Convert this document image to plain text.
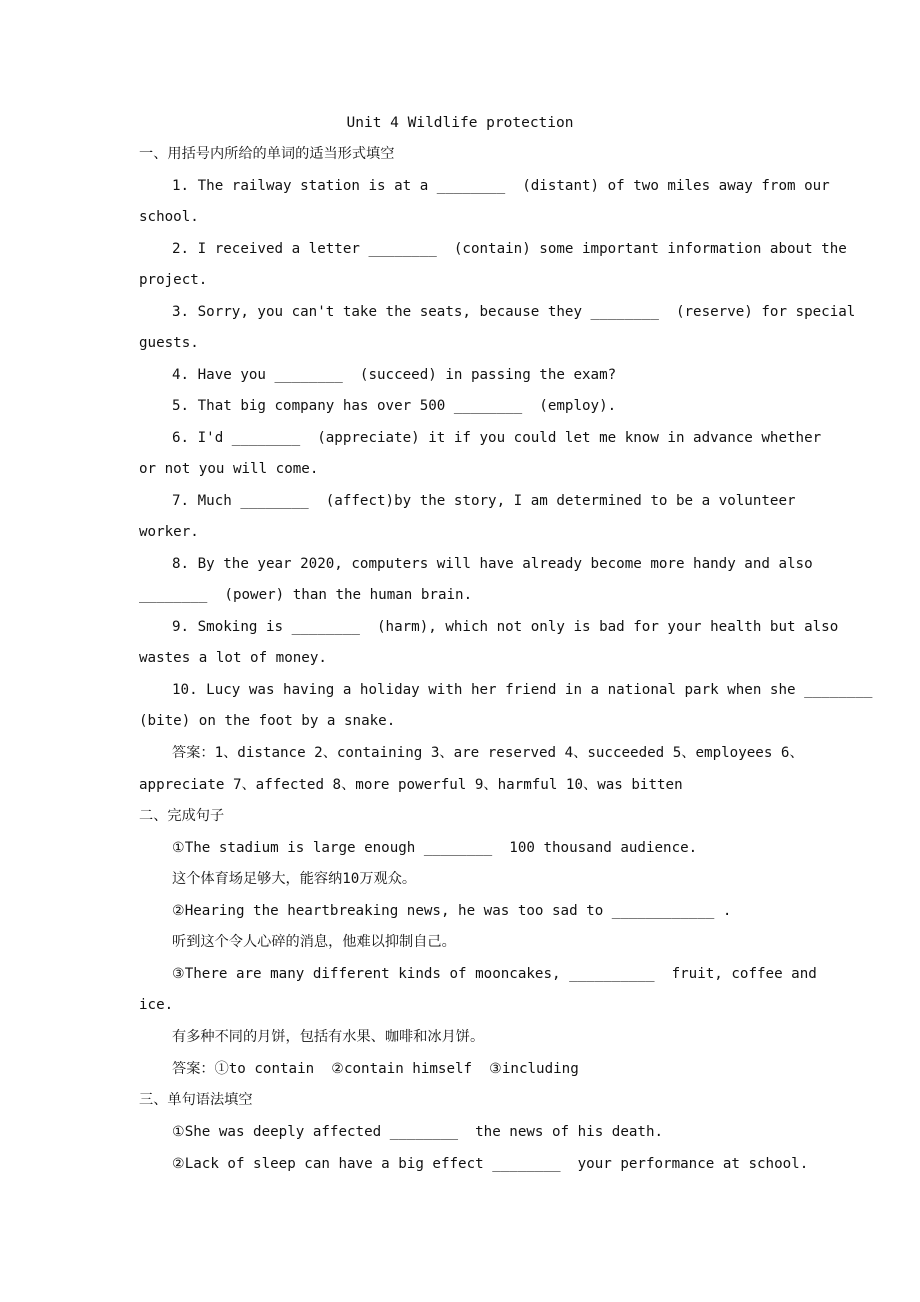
Unit 4 Wildlife protection
一、用括号内所给的单词的适当形式填空
1. The railway station is at a ________  (distant) of two miles away from our
school.
2. I received a letter ________  (contain) some important information about the
project.
3. Sorry, you can't take the seats, because they ________  (reserve) for special
guests.
4. Have you ________  (succeed) in passing the exam?
5. That big company has over 500 ________  (employ).
6. I'd ________  (appreciate) it if you could let me know in advance whether
or not you will come.
7. Much ________  (affect)by the story, I am determined to be a volunteer
worker.
8. By the year 2020, computers will have already become more handy and also
________  (power) than the human brain.
9. Smoking is ________  (harm), which not only is bad for your health but also
wastes a lot of money.
10. Lucy was having a holiday with her friend in a national park when she ________
(bite) on the foot by a snake.
答案：1、distance 2、containing 3、are reserved 4、succeeded 5、employees 6、
appreciate 7、affected 8、more powerful 9、harmful 10、was bitten
二、完成句子
①The stadium is large enough ________  100 thousand audience.
这个体育场足够大，能容纳10万观众。
②Hearing the heartbreaking news, he was too sad to ____________ .
听到这个令人心碎的消息，他难以抑制自己。
③There are many different kinds of mooncakes, __________  fruit, coffee and
ice.
有多种不同的月饼，包括有水果、咖啡和冰月饼。
答案：①to contain  ②contain himself  ③including
三、单句语法填空
①She was deeply affected ________  the news of his death.
②Lack of sleep can have a big effect ________  your performance at school.
